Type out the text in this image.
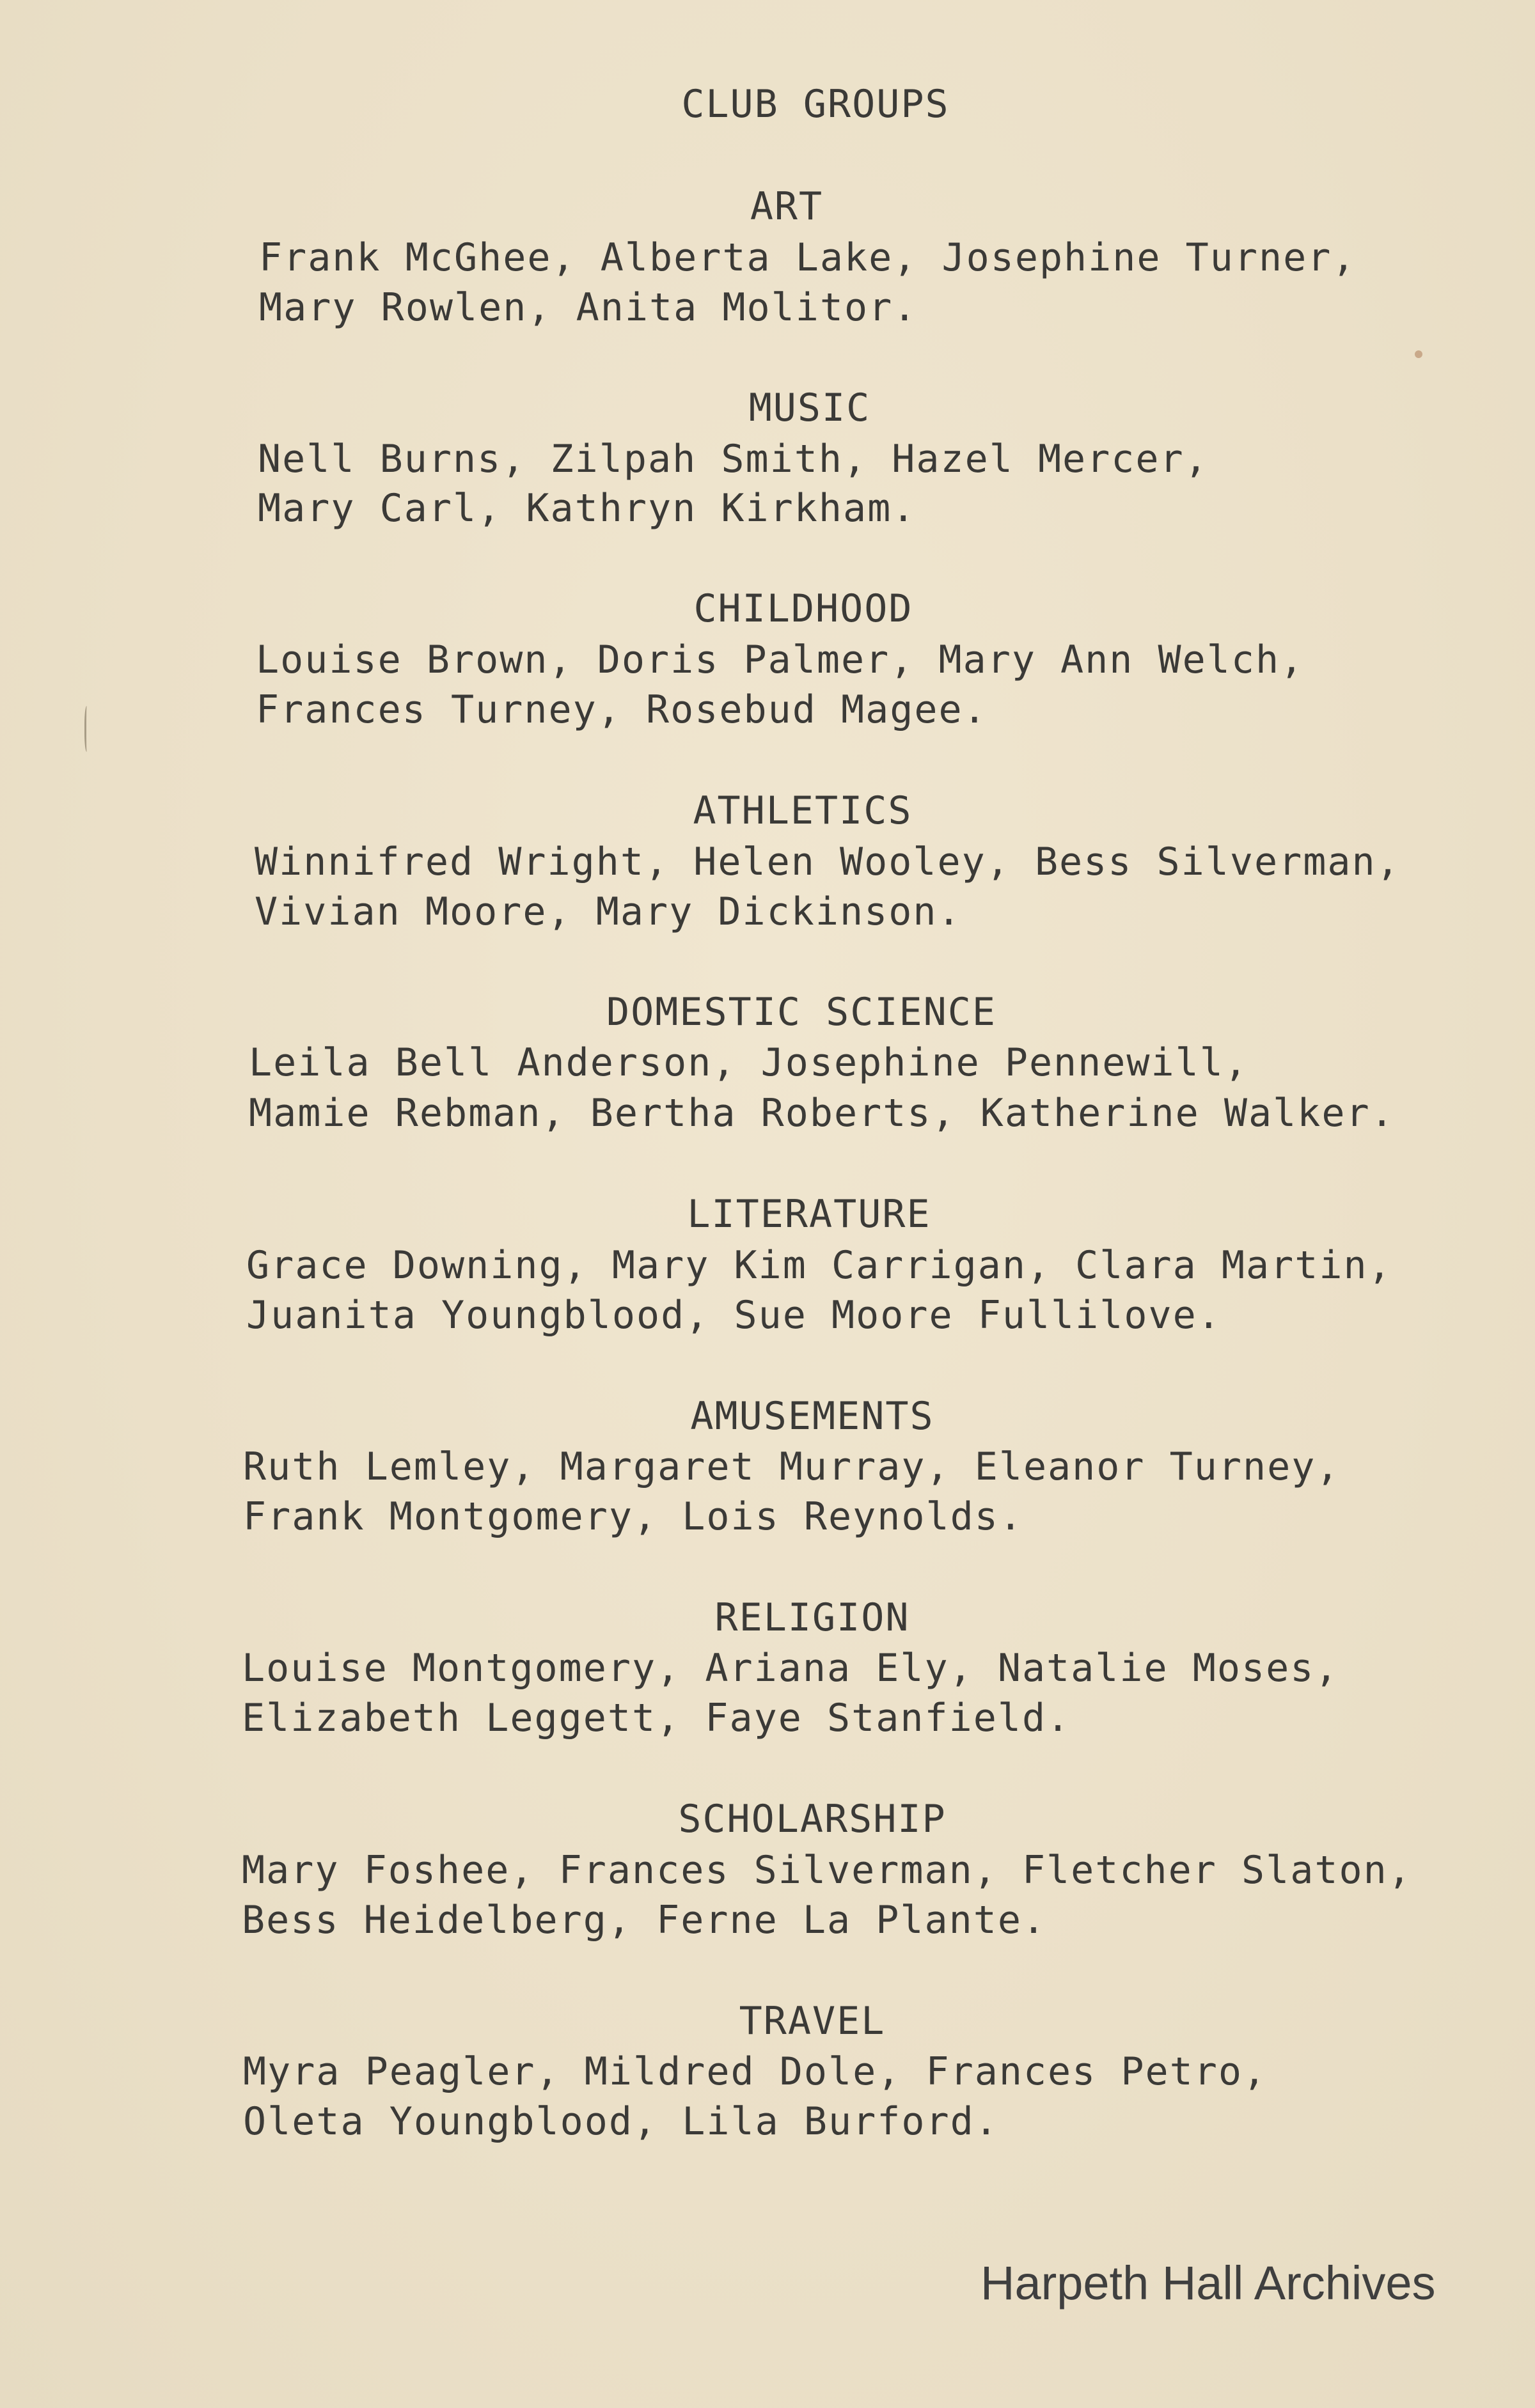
CLUB GROUPS
ART
Frank McGhee, Alberta Lake, Josephine Turner,
Mary Rowlen, Anita Molitor.
MUSIC
Nell Burns, Zilpah Smith, Hazel Mercer,
Mary Carl, Kathryn Kirkham.
CHILDHOOD
Louise Brown, Doris Palmer, Mary Ann Welch,
Frances Turney, Rosebud Magee.
ATHLETICS
Winnifred Wright, Helen Wooley, Bess Silverman,
Vivian Moore, Mary Dickinson.
DOMESTIC SCIENCE
Leila Bell Anderson, Josephine Pennewill,
Mamie Rebman, Bertha Roberts, Katherine Walker.
LITERATURE
Grace Downing, Mary Kim Carrigan, Clara Martin,
Juanita Youngblood, Sue Moore Fullilove.
AMUSEMENTS
Ruth Lemley, Margaret Murray, Eleanor Turney,
Frank Montgomery, Lois Reynolds.
RELIGION
Louise Montgomery, Ariana Ely, Natalie Moses,
Elizabeth Leggett, Faye Stanfield.
SCHOLARSHIP
Mary Foshee, Frances Silverman, Fletcher Slaton,
Bess Heidelberg, Ferne La Plante.
TRAVEL
Myra Peagler, Mildred Dole, Frances Petro,
Oleta Youngblood, Lila Burford.
Harpeth Hall Archives
